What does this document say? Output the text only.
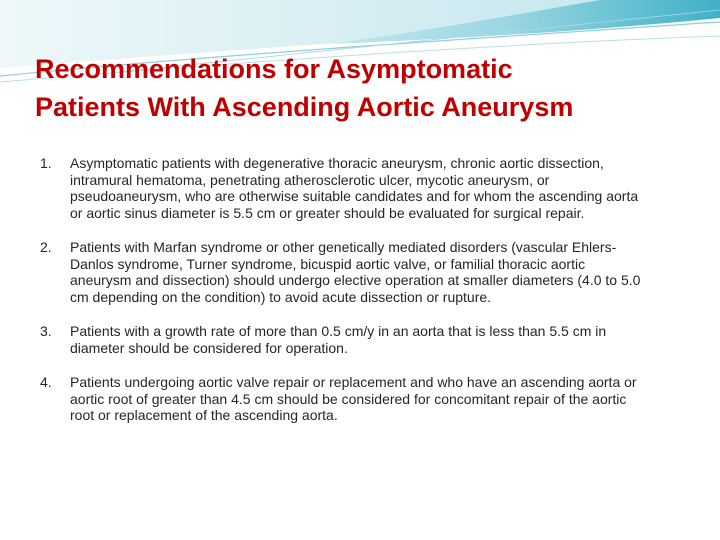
Recommendations for Asymptomatic
Patients With Ascending Aortic Aneurysm
1.	Asymptomatic patients with degenerative thoracic aneurysm, chronic aortic dissection, intramural hematoma, penetrating atherosclerotic ulcer, mycotic aneurysm, or pseudoaneurysm, who are otherwise suitable candidates and for whom the ascending aorta or aortic sinus diameter is 5.5 cm or greater should be evaluated for surgical repair.
2.	Patients with Marfan syndrome or other genetically mediated disorders (vascular Ehlers-Danlos syndrome, Turner syndrome, bicuspid aortic valve, or familial thoracic aortic aneurysm and dissection) should undergo elective operation at smaller diameters (4.0 to 5.0 cm depending on the condition) to avoid acute dissection or rupture.
3.	Patients with a growth rate of more than 0.5 cm/y in an aorta that is less than 5.5 cm in diameter should be considered for operation.
4.	Patients undergoing aortic valve repair or replacement and who have an ascending aorta or aortic root of greater than 4.5 cm should be considered for concomitant repair of the aortic root or replacement of the ascending aorta.
